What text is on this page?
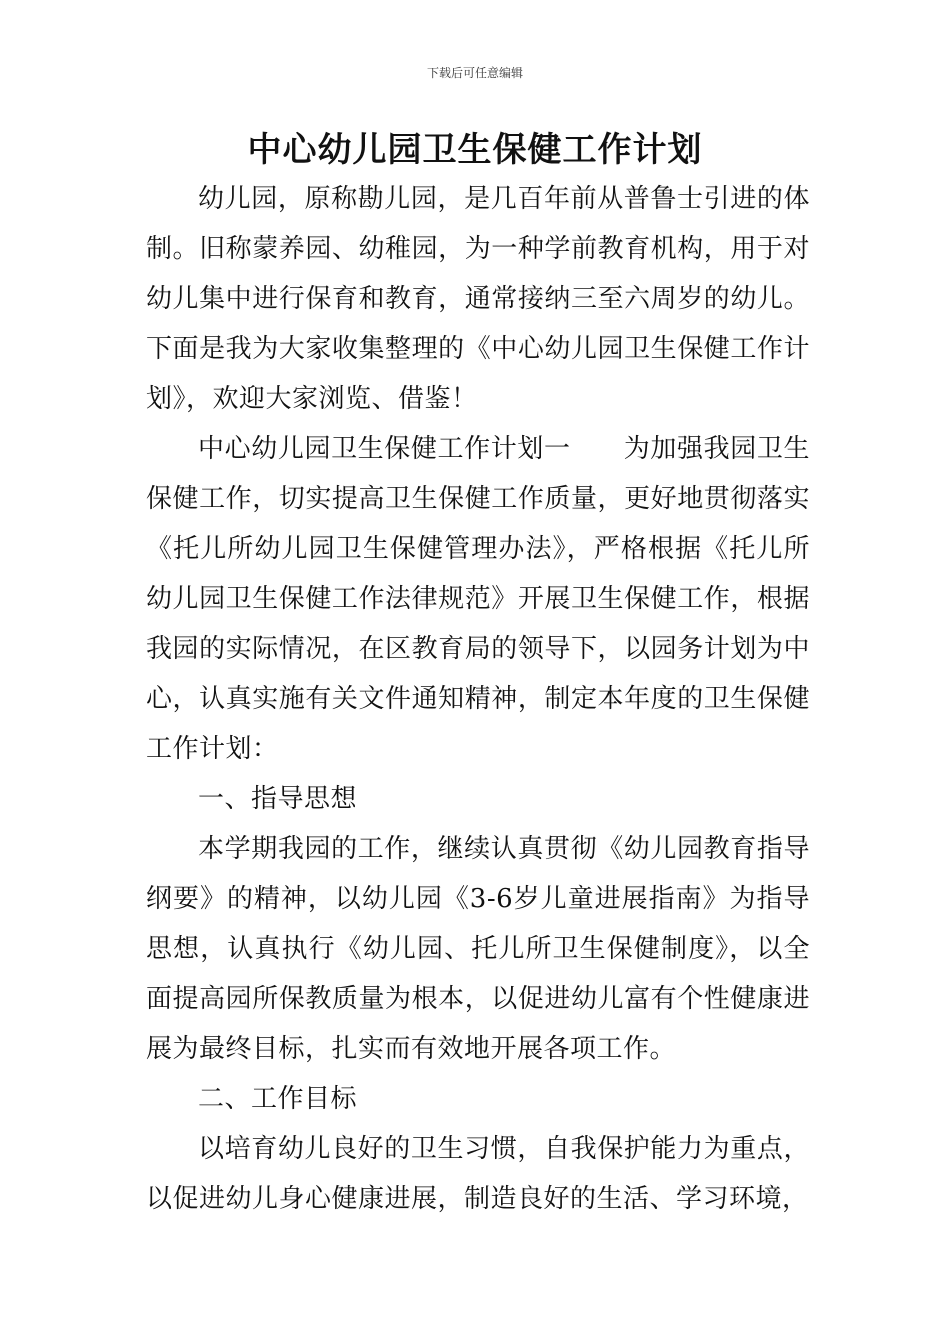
下载后可任意编辑
中心幼儿园卫生保健工作计划

幼儿园，原称勘儿园，是几百年前从普鲁士引进的体制。旧称蒙养园、幼稚园，为一种学前教育机构，用于对幼儿集中进行保育和教育，通常接纳三至六周岁的幼儿。下面是我为大家收集整理的《中心幼儿园卫生保健工作计划》，欢迎大家浏览、借鉴！

中心幼儿园卫生保健工作计划一　　为加强我园卫生保健工作，切实提高卫生保健工作质量，更好地贯彻落实《托儿所幼儿园卫生保健管理办法》，严格根据《托儿所幼儿园卫生保健工作法律规范》开展卫生保健工作，根据我园的实际情况，在区教育局的领导下，以园务计划为中心，认真实施有关文件通知精神，制定本年度的卫生保健工作计划：

一、指导思想

本学期我园的工作，继续认真贯彻《幼儿园教育指导纲要》的精神，以幼儿园《3-6岁儿童进展指南》为指导思想，认真执行《幼儿园、托儿所卫生保健制度》，以全面提高园所保教质量为根本，以促进幼儿富有个性健康进展为最终目标，扎实而有效地开展各项工作。

二、工作目标

以培育幼儿良好的卫生习惯，自我保护能力为重点，以促进幼儿身心健康进展，制造良好的生活、学习环境，
